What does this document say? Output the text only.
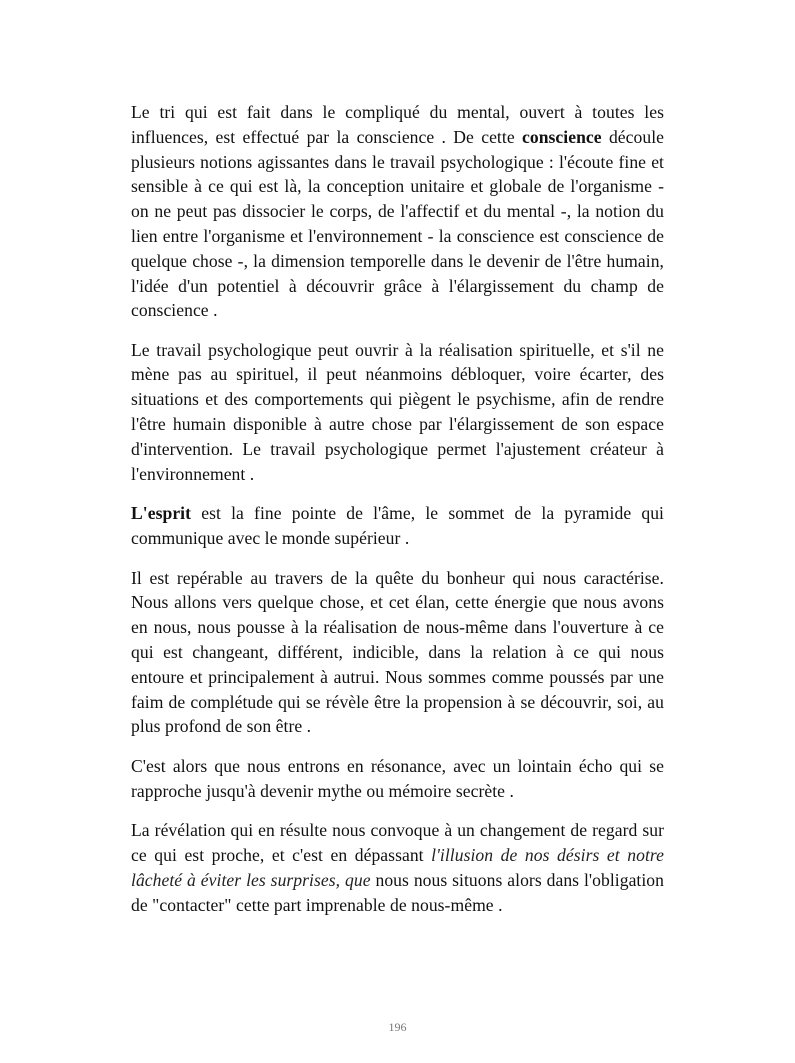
Le tri qui est fait dans le compliqué du mental, ouvert à toutes les influences, est effectué par la conscience . De cette conscience découle plusieurs notions agissantes dans le travail psychologique : l'écoute fine et sensible à ce qui est là, la conception unitaire et globale de l'organisme - on ne peut pas dissocier le corps, de l'affectif et du mental -, la notion du lien entre l'organisme et l'environnement - la conscience est conscience de quelque chose -, la dimension temporelle dans le devenir de l'être humain, l'idée d'un potentiel à découvrir grâce à l'élargissement du champ de conscience .

Le travail psychologique peut ouvrir à la réalisation spirituelle, et s'il ne mène pas au spirituel, il peut néanmoins débloquer, voire écarter, des situations et des comportements qui piègent le psychisme, afin de rendre l'être humain disponible à autre chose par l'élargissement de son espace d'intervention. Le travail psychologique permet l'ajustement créateur à l'environnement .

L'esprit est la fine pointe de l'âme, le sommet de la pyramide qui communique avec le monde supérieur .

Il est repérable au travers de la quête du bonheur qui nous caractérise. Nous allons vers quelque chose, et cet élan, cette énergie que nous avons en nous, nous pousse à la réalisation de nous-même dans l'ouverture à ce qui est changeant, différent, indicible, dans la relation à ce qui nous entoure et principalement à autrui. Nous sommes comme poussés par une faim de complétude qui se révèle être la propension à se découvrir, soi, au plus profond de son être .

C'est alors que nous entrons en résonance, avec un lointain écho qui se rapproche jusqu'à devenir mythe ou mémoire secrète .

La révélation qui en résulte nous convoque à un changement de regard sur ce qui est proche, et c'est en dépassant l'illusion de nos désirs et notre lâcheté à éviter les surprises, que nous nous situons alors dans l'obligation de "contacter" cette part imprenable de nous-même .

196
